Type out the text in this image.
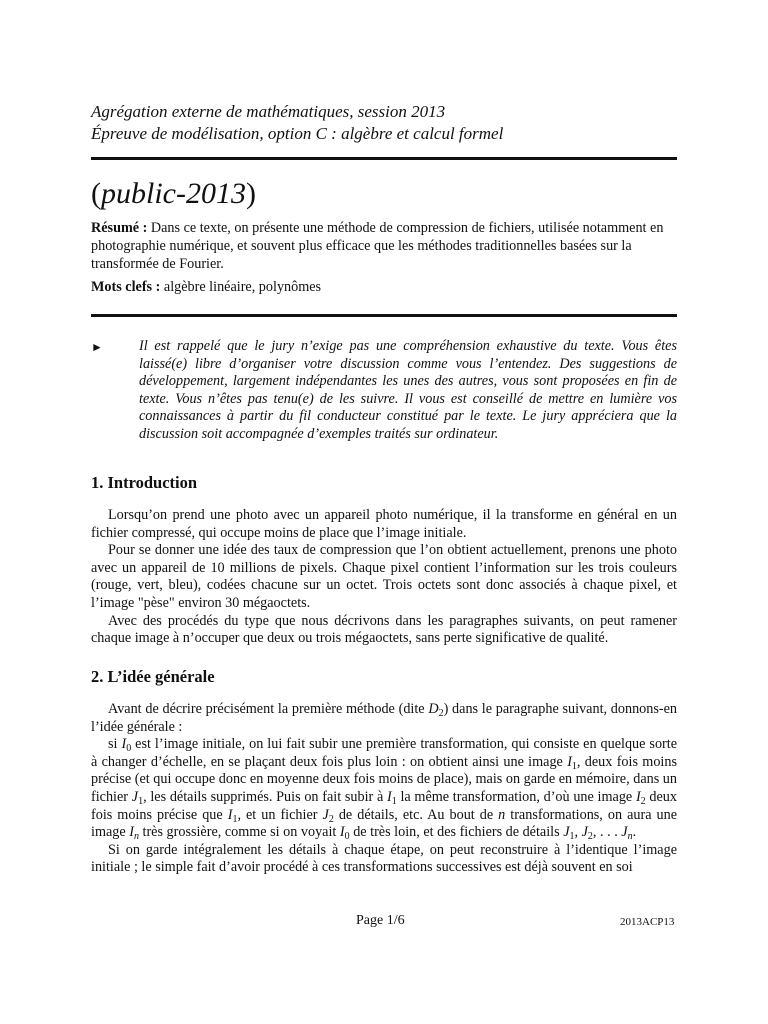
Agrégation externe de mathématiques, session 2013
Épreuve de modélisation, option C : algèbre et calcul formel
(public-2013)
Résumé : Dans ce texte, on présente une méthode de compression de fichiers, utilisée notamment en photographie numérique, et souvent plus efficace que les méthodes traditionnelles basées sur la transformée de Fourier.
Mots clefs : algèbre linéaire, polynômes
►	Il est rappelé que le jury n’exige pas une compréhension exhaustive du texte. Vous êtes laissé(e) libre d’organiser votre discussion comme vous l’entendez. Des suggestions de développement, largement indépendantes les unes des autres, vous sont proposées en fin de texte. Vous n’êtes pas tenu(e) de les suivre. Il vous est conseillé de mettre en lumière vos connaissances à partir du fil conducteur constitué par le texte. Le jury appréciera que la discussion soit accompagnée d’exemples traités sur ordinateur.
1. Introduction

Lorsqu’on prend une photo avec un appareil photo numérique, il la transforme en général en un fichier compressé, qui occupe moins de place que l’image initiale.

Pour se donner une idée des taux de compression que l’on obtient actuellement, prenons une photo avec un appareil de 10 millions de pixels. Chaque pixel contient l’information sur les trois couleurs (rouge, vert, bleu), codées chacune sur un octet. Trois octets sont donc associés à chaque pixel, et l’image "pèse" environ 30 mégaoctets.

Avec des procédés du type que nous décrivons dans les paragraphes suivants, on peut ramener chaque image à n’occuper que deux ou trois mégaoctets, sans perte significative de qualité.

2. L’idée générale

Avant de décrire précisément la première méthode (dite $D_2$) dans le paragraphe suivant, donnons-en l’idée générale :

si $I_0$ est l’image initiale, on lui fait subir une première transformation, qui consiste en quelque sorte à changer d’échelle, en se plaçant deux fois plus loin : on obtient ainsi une image $I_1$, deux fois moins précise (et qui occupe donc en moyenne deux fois moins de place), mais on garde en mémoire, dans un fichier $J_1$, les détails supprimés. Puis on fait subir à $I_1$ la même transformation, d’où une image $I_2$ deux fois moins précise que $I_1$, et un fichier $J_2$ de détails, etc. Au bout de n transformations, on aura une image $I_n$ très grossière, comme si on voyait $I_0$ de très loin, et des fichiers de détails $J_1$, $J_2$, . . . $J_n$.

Si on garde intégralement les détails à chaque étape, on peut reconstruire à l’identique l’image initiale ; le simple fait d’avoir procédé à ces transformations successives est déjà souvent en soi

Page 1/6	2013ACP13
